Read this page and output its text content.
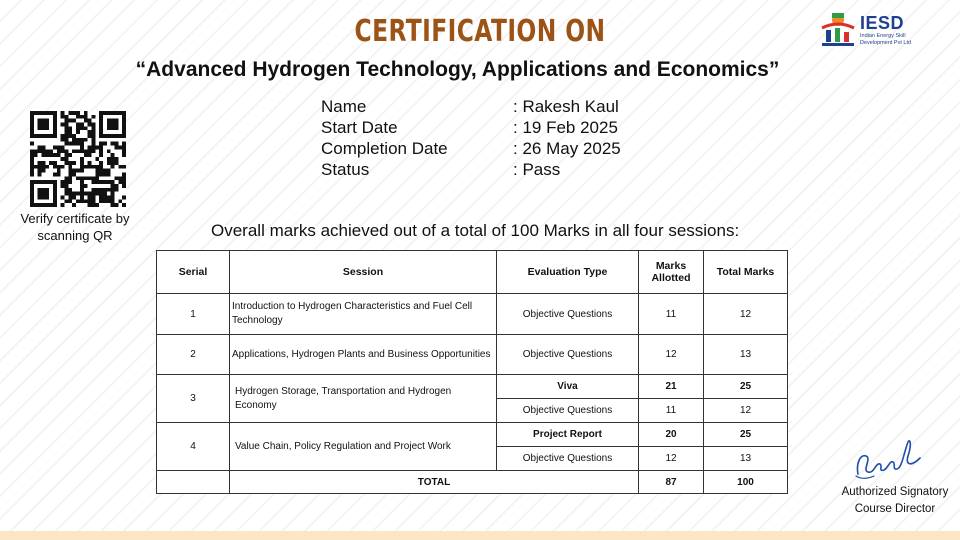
CERTIFICATION ON
“Advanced Hydrogen Technology, Applications and Economics”
IESD
Indian Energy Skill Development Pvt Ltd
Verify certificate by scanning QR
Name	: Rakesh Kaul
Start Date	: 19 Feb 2025
Completion Date	: 26 May 2025
Status	: Pass
Overall marks achieved out of a total of 100 Marks in all four sessions:
Serial	Session	Evaluation Type	Marks Allotted	Total Marks
1	Introduction to Hydrogen Characteristics and Fuel Cell Technology	Objective Questions	11	12
2	Applications, Hydrogen Plants and Business Opportunities	Objective Questions	12	13
3	Hydrogen Storage, Transportation and Hydrogen Economy	Viva	21	25
		Objective Questions	11	12
4	Value Chain, Policy Regulation and Project Work	Project Report	20	25
		Objective Questions	12	13
	TOTAL		87	100
Authorized Signatory
Course Director
